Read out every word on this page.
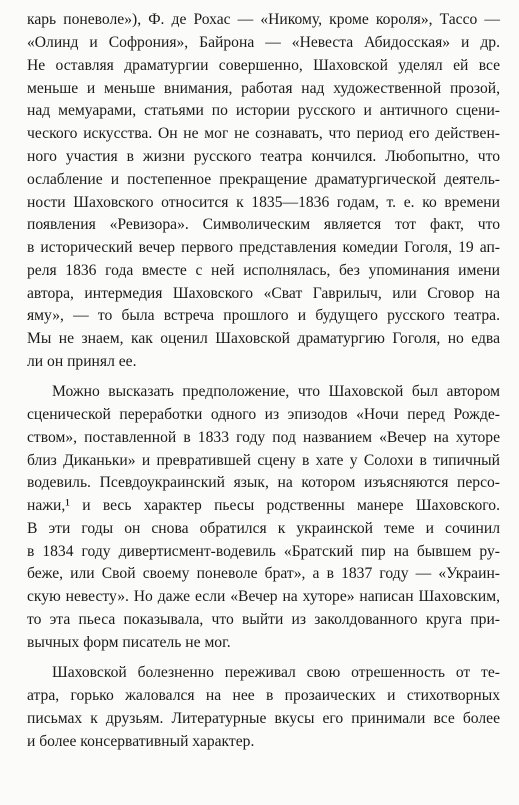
карь поневоле»), Ф. де Рохас — «Никому, кроме короля», Тассо —
«Олинд и Софрония», Байрона — «Невеста Абидосская» и др.
Не оставляя драматургии совершенно, Шаховской уделял ей все
меньше и меньше внимания, работая над художественной прозой,
над мемуарами, статьями по истории русского и античного сцени-
ческого искусства. Он не мог не сознавать, что период его действен-
ного участия в жизни русского театра кончился. Любопытно, что
ослабление и постепенное прекращение драматургической деятель-
ности Шаховского относится к 1835—1836 годам, т. е. ко времени
появления «Ревизора». Символическим является тот факт, что
в исторический вечер первого представления комедии Гоголя, 19 ап-
реля 1836 года вместе с ней исполнялась, без упоминания имени
автора, интермедия Шаховского «Сват Гаврилыч, или Сговор на
яму», — то была встреча прошлого и будущего русского театра.
Мы не знаем, как оценил Шаховской драматургию Гоголя, но едва
ли он принял ее.
Можно высказать предположение, что Шаховской был автором
сценической переработки одного из эпизодов «Ночи перед Рожде-
ством», поставленной в 1833 году под названием «Вечер на хуторе
близ Диканьки» и превратившей сцену в хате у Солохи в типичный
водевиль. Псевдоукраинский язык, на котором изъясняются персо-
нажи,¹ и весь характер пьесы родственны манере Шаховского.
В эти годы он снова обратился к украинской теме и сочинил
в 1834 году дивертисмент-водевиль «Братский пир на бывшем ру-
беже, или Свой своему поневоле брат», а в 1837 году — «Украин-
скую невесту». Но даже если «Вечер на хуторе» написан Шаховским,
то эта пьеса показывала, что выйти из заколдованного круга при-
вычных форм писатель не мог.
Шаховской болезненно переживал свою отрешенность от те-
атра, горько жаловался на нее в прозаических и стихотворных
письмах к друзьям. Литературные вкусы его принимали все более
и более консервативный характер.
